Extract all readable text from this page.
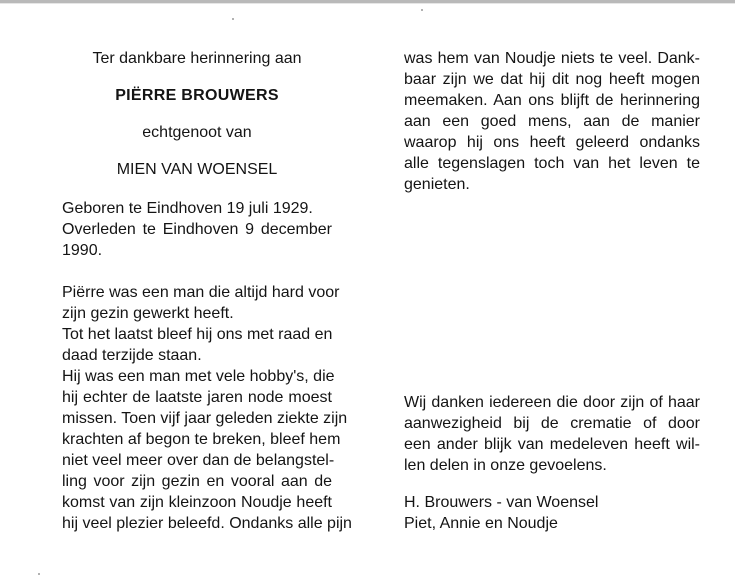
Ter dankbare herinnering aan
PIËRRE BROUWERS
echtgenoot van
MIEN VAN WOENSEL
Geboren te Eindhoven 19 juli 1929.
Overleden te Eindhoven 9 december
1990.
Piërre was een man die altijd hard voor
zijn gezin gewerkt heeft.
Tot het laatst bleef hij ons met raad en
daad terzijde staan.
Hij was een man met vele hobby's, die
hij echter de laatste jaren node moest
missen. Toen vijf jaar geleden ziekte zijn
krachten af begon te breken, bleef hem
niet veel meer over dan de belangstel-
ling voor zijn gezin en vooral aan de
komst van zijn kleinzoon Noudje heeft
hij veel plezier beleefd. Ondanks alle pijn
was hem van Noudje niets te veel. Dank-
baar zijn we dat hij dit nog heeft mogen
meemaken. Aan ons blijft de herinnering
aan een goed mens, aan de manier
waarop hij ons heeft geleerd ondanks
alle tegenslagen toch van het leven te
genieten.
Wij danken iedereen die door zijn of haar
aanwezigheid bij de crematie of door
een ander blijk van medeleven heeft wil-
len delen in onze gevoelens.
H. Brouwers - van Woensel
Piet, Annie en Noudje
